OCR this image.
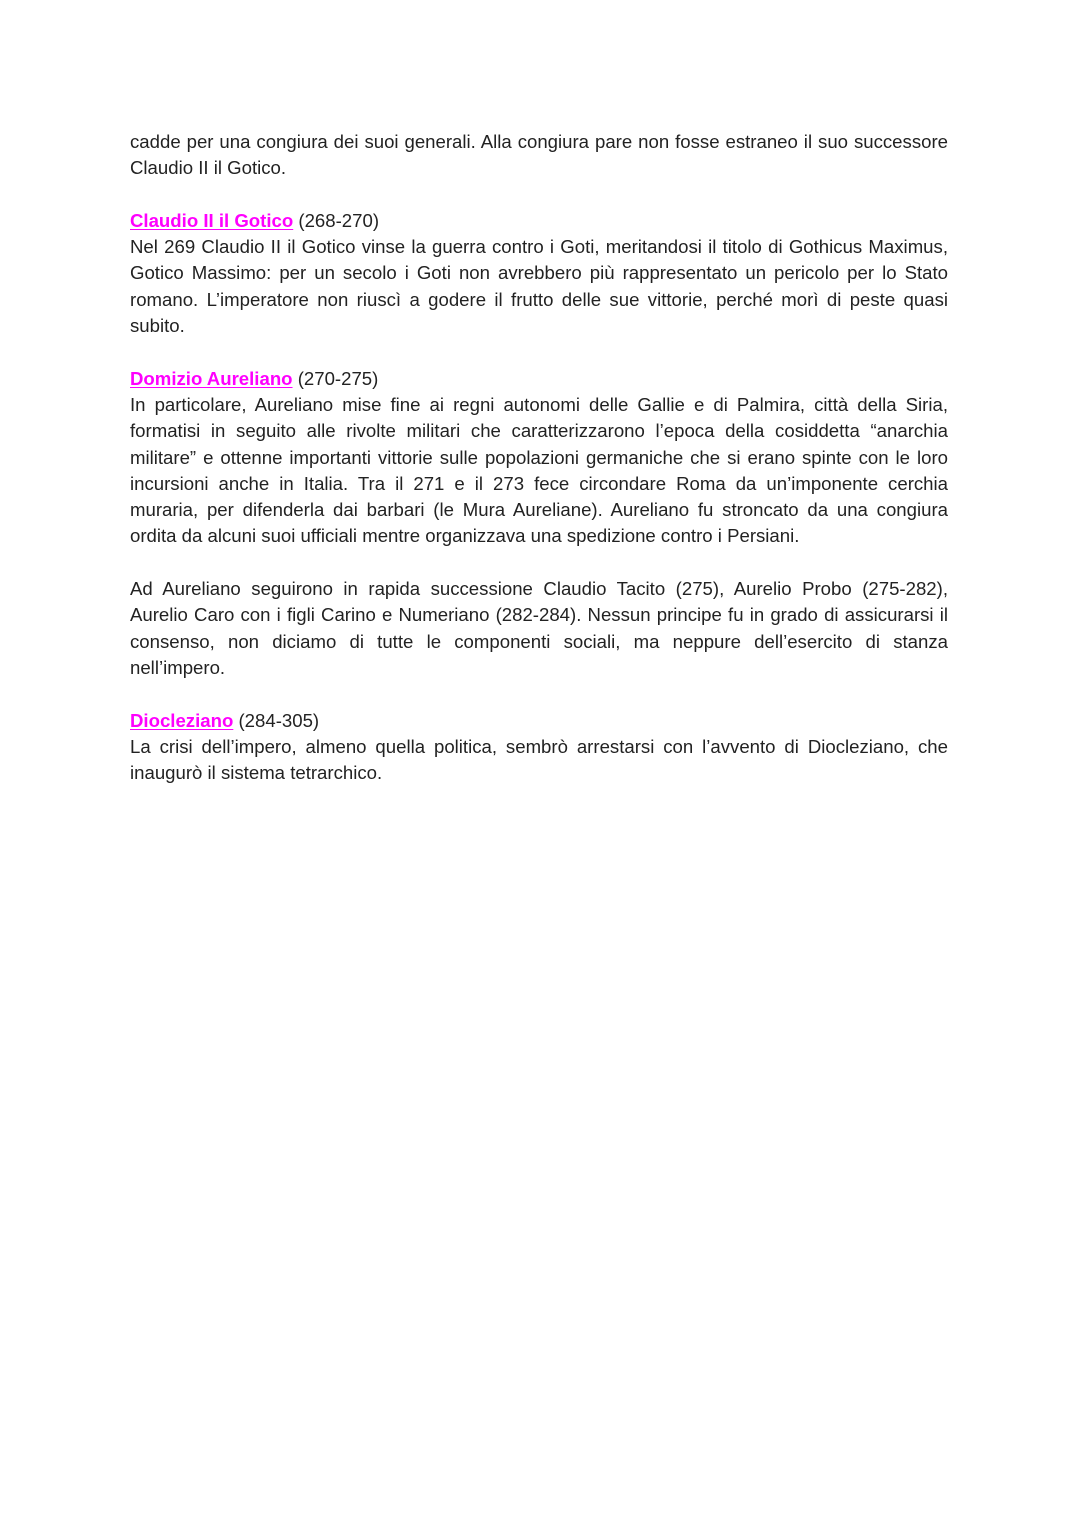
cadde per una congiura dei suoi generali. Alla congiura pare non fosse estraneo il suo successore Claudio II il Gotico.

Claudio II il Gotico (268-270)

Nel 269 Claudio II il Gotico vinse la guerra contro i Goti, meritandosi il titolo di Gothicus Maximus, Gotico Massimo: per un secolo i Goti non avrebbero più rappresentato un pericolo per lo Stato romano. L’imperatore non riuscì a godere il frutto delle sue vittorie, perché morì di peste quasi subito.

Domizio Aureliano (270-275)

In particolare, Aureliano mise fine ai regni autonomi delle Gallie e di Palmira, città della Siria, formatisi in seguito alle rivolte militari che caratterizzarono l’epoca della cosiddetta “anarchia militare” e ottenne importanti vittorie sulle popolazioni germaniche che si erano spinte con le loro incursioni anche in Italia. Tra il 271 e il 273 fece circondare Roma da un’imponente cerchia muraria, per difenderla dai barbari (le Mura Aureliane). Aureliano fu stroncato da una congiura ordita da alcuni suoi ufficiali mentre organizzava una spedizione contro i Persiani.

Ad Aureliano seguirono in rapida successione Claudio Tacito (275), Aurelio Probo (275-282), Aurelio Caro con i figli Carino e Numeriano (282-284). Nessun principe fu in grado di assicurarsi il consenso, non diciamo di tutte le componenti sociali, ma neppure dell’esercito di stanza nell’impero.

Diocleziano (284-305)

La crisi dell’impero, almeno quella politica, sembrò arrestarsi con l’avvento di Diocleziano, che inaugurò il sistema tetrarchico.
